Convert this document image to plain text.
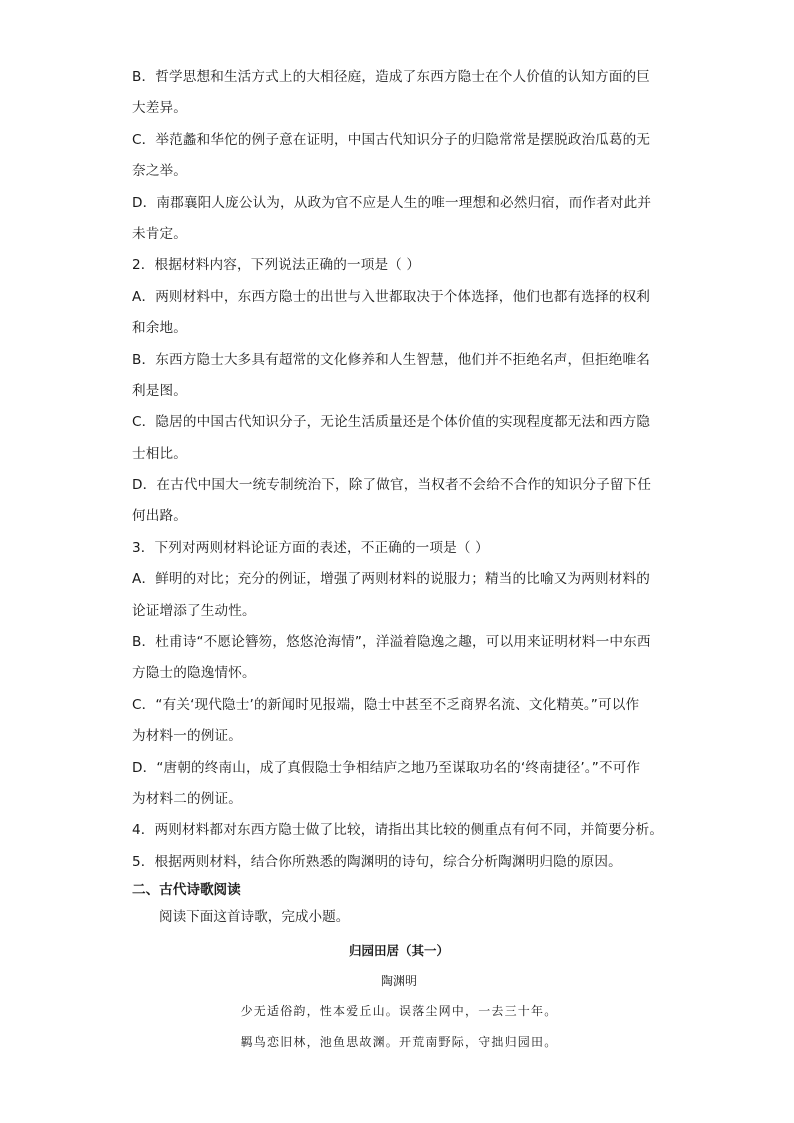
B．哲学思想和生活方式上的大相径庭，造成了东西方隐士在个人价值的认知方面的巨
大差异。
C．举范蠡和华佗的例子意在证明，中国古代知识分子的归隐常常是摆脱政治瓜葛的无
奈之举。
D．南郡襄阳人庞公认为，从政为官不应是人生的唯一理想和必然归宿，而作者对此并
未肯定。
2．根据材料内容，下列说法正确的一项是（ ）
A．两则材料中，东西方隐士的出世与入世都取决于个体选择，他们也都有选择的权利
和余地。
B．东西方隐士大多具有超常的文化修养和人生智慧，他们并不拒绝名声，但拒绝唯名
利是图。
C．隐居的中国古代知识分子，无论生活质量还是个体价值的实现程度都无法和西方隐
士相比。
D．在古代中国大一统专制统治下，除了做官，当权者不会给不合作的知识分子留下任
何出路。
3．下列对两则材料论证方面的表述，不正确的一项是（ ）
A．鲜明的对比；充分的例证，增强了两则材料的说服力；精当的比喻又为两则材料的
论证增添了生动性。
B．杜甫诗“不愿论簪笏，悠悠沧海情”，洋溢着隐逸之趣，可以用来证明材料一中东西
方隐士的隐逸情怀。
C．“有关‘现代隐士’的新闻时见报端，隐士中甚至不乏商界名流、文化精英。”可以作
为材料一的例证。
D．“唐朝的终南山，成了真假隐士争相结庐之地乃至谋取功名的‘终南捷径’。”不可作
为材料二的例证。
4．两则材料都对东西方隐士做了比较，请指出其比较的侧重点有何不同，并简要分析。
5．根据两则材料，结合你所熟悉的陶渊明的诗句，综合分析陶渊明归隐的原因。
二、古代诗歌阅读
阅读下面这首诗歌，完成小题。
归园田居（其一）
陶渊明
少无适俗韵，性本爱丘山。误落尘网中，一去三十年。
羁鸟恋旧林，池鱼思故渊。开荒南野际，守拙归园田。
